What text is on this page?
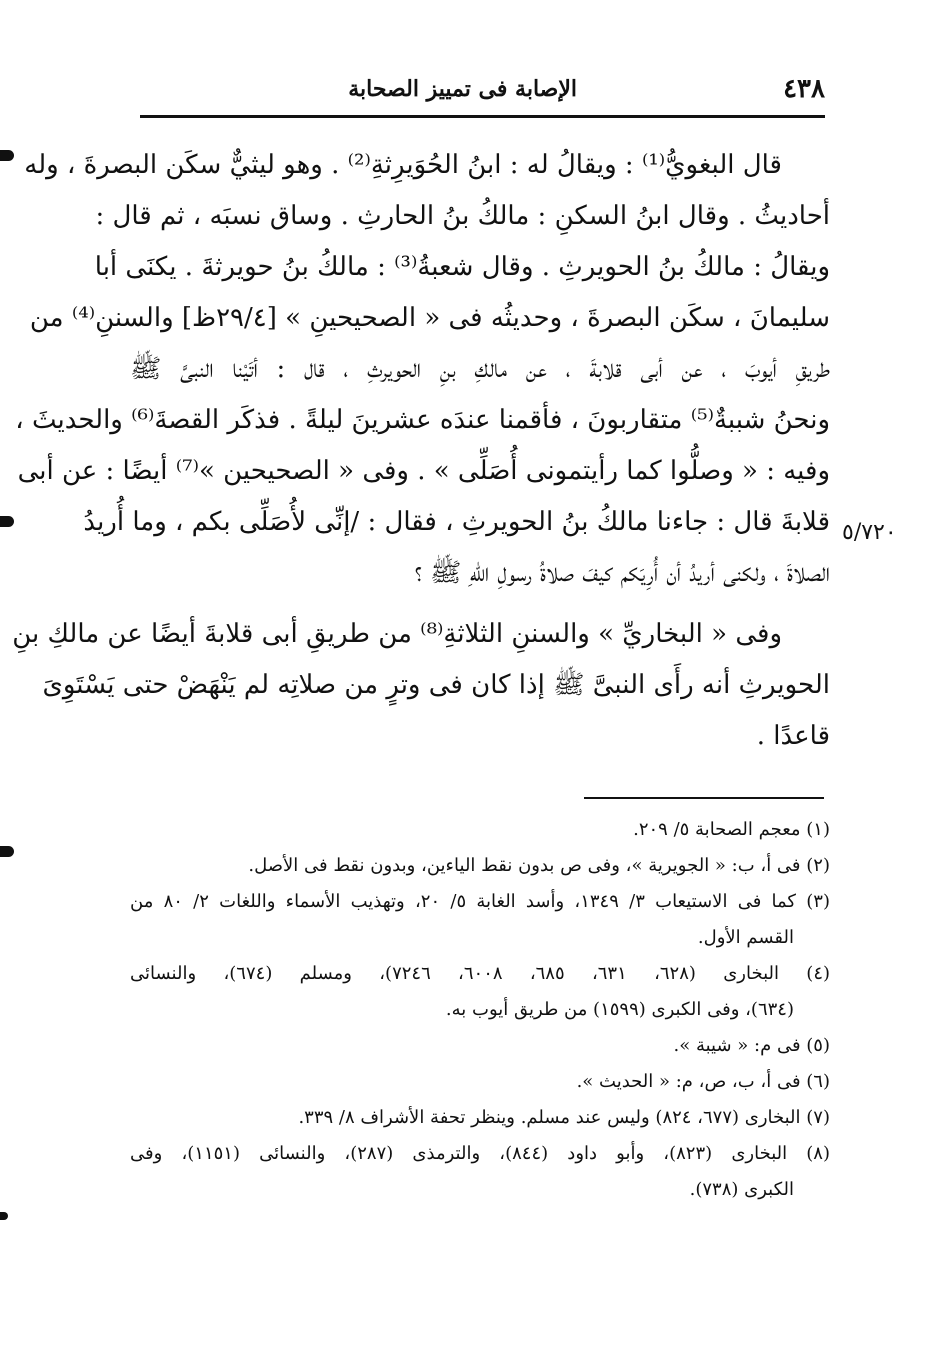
٤٣٨
الإصابة فى تمييز الصحابة
٥/٧٢٠
قال البغويُّ⁽¹⁾ : ويقالُ له : ابنُ الحُوَيرِثةِ⁽²⁾ . وهو ليثيٌّ سكَن البصرةَ ، وله
أحاديثُ . وقال ابنُ السكنِ : مالكُ بنُ الحارثِ . وساق نسبَه ، ثم قال :
ويقالُ : مالكُ بنُ الحويرثِ . وقال شعبةُ⁽³⁾ : مالكُ بنُ حويرثةَ . يكنَى أبا
سليمانَ ، سكَن البصرةَ ، وحديثُه فى « الصحيحينِ » [٢٩/٤ظ] والسننِ⁽⁴⁾ من
طريقِ أيوبَ ، عن أبى قلابةَ ، عن مالكِ بنِ الحويرثِ ، قال : أتَيْنا النبىَّ ﷺ
ونحنُ شببةٌ⁽⁵⁾ متقاربونَ ، فأقمنا عندَه عشرينَ ليلةً . فذكَر القصةَ⁽⁶⁾ والحديثَ ،
وفيه : « وصلُّوا كما رأيتمونى أُصَلِّى » . وفى « الصحيحين »⁽⁷⁾ أيضًا : عن أبى
قلابةَ قال : جاءنا مالكُ بنُ الحويرثِ ، فقال : /إنِّى لأُصَلِّى بكم ، وما أُريدُ
الصلاةَ ، ولكنى أريدُ أن أُرِيَكم كيفَ صلاةُ رسولِ اللهِ ﷺ ؟
وفى « البخاريِّ » والسننِ الثلاثةِ⁽⁸⁾ من طريقِ أبى قلابةَ أيضًا عن مالكِ بنِ
الحويرثِ أنه رأَى النبىَّ ﷺ إذا كان فى وترٍ من صلاتِه لم يَنْهَضْ حتى يَسْتَوِىَ
قاعدًا .
(١) معجم الصحابة ٥/ ٢٠٩.
(٢) فى أ، ب: « الجويرية »، وفى ص بدون نقط الياءين، وبدون نقط فى الأصل.
(٣) كما فى الاستيعاب ٣/ ١٣٤٩، وأسد الغابة ٥/ ٢٠، وتهذيب الأسماء واللغات ٢/ ٨٠ من
القسم الأول.
(٤) البخارى (٦٢٨، ٦٣١، ٦٨٥، ٦٠٠٨، ٧٢٤٦)، ومسلم (٦٧٤)، والنسائى
(٦٣٤)، وفى الكبرى (١٥٩٩) من طريق أيوب به.
(٥) فى م: « شيبة ».
(٦) فى أ، ب، ص، م: « الحديث ».
(٧) البخارى (٦٧٧، ٨٢٤) وليس عند مسلم. وينظر تحفة الأشراف ٨/ ٣٣٩.
(٨) البخارى (٨٢٣)، وأبو داود (٨٤٤)، والترمذى (٢٨٧)، والنسائى (١١٥١)، وفى
الكبرى (٧٣٨).
